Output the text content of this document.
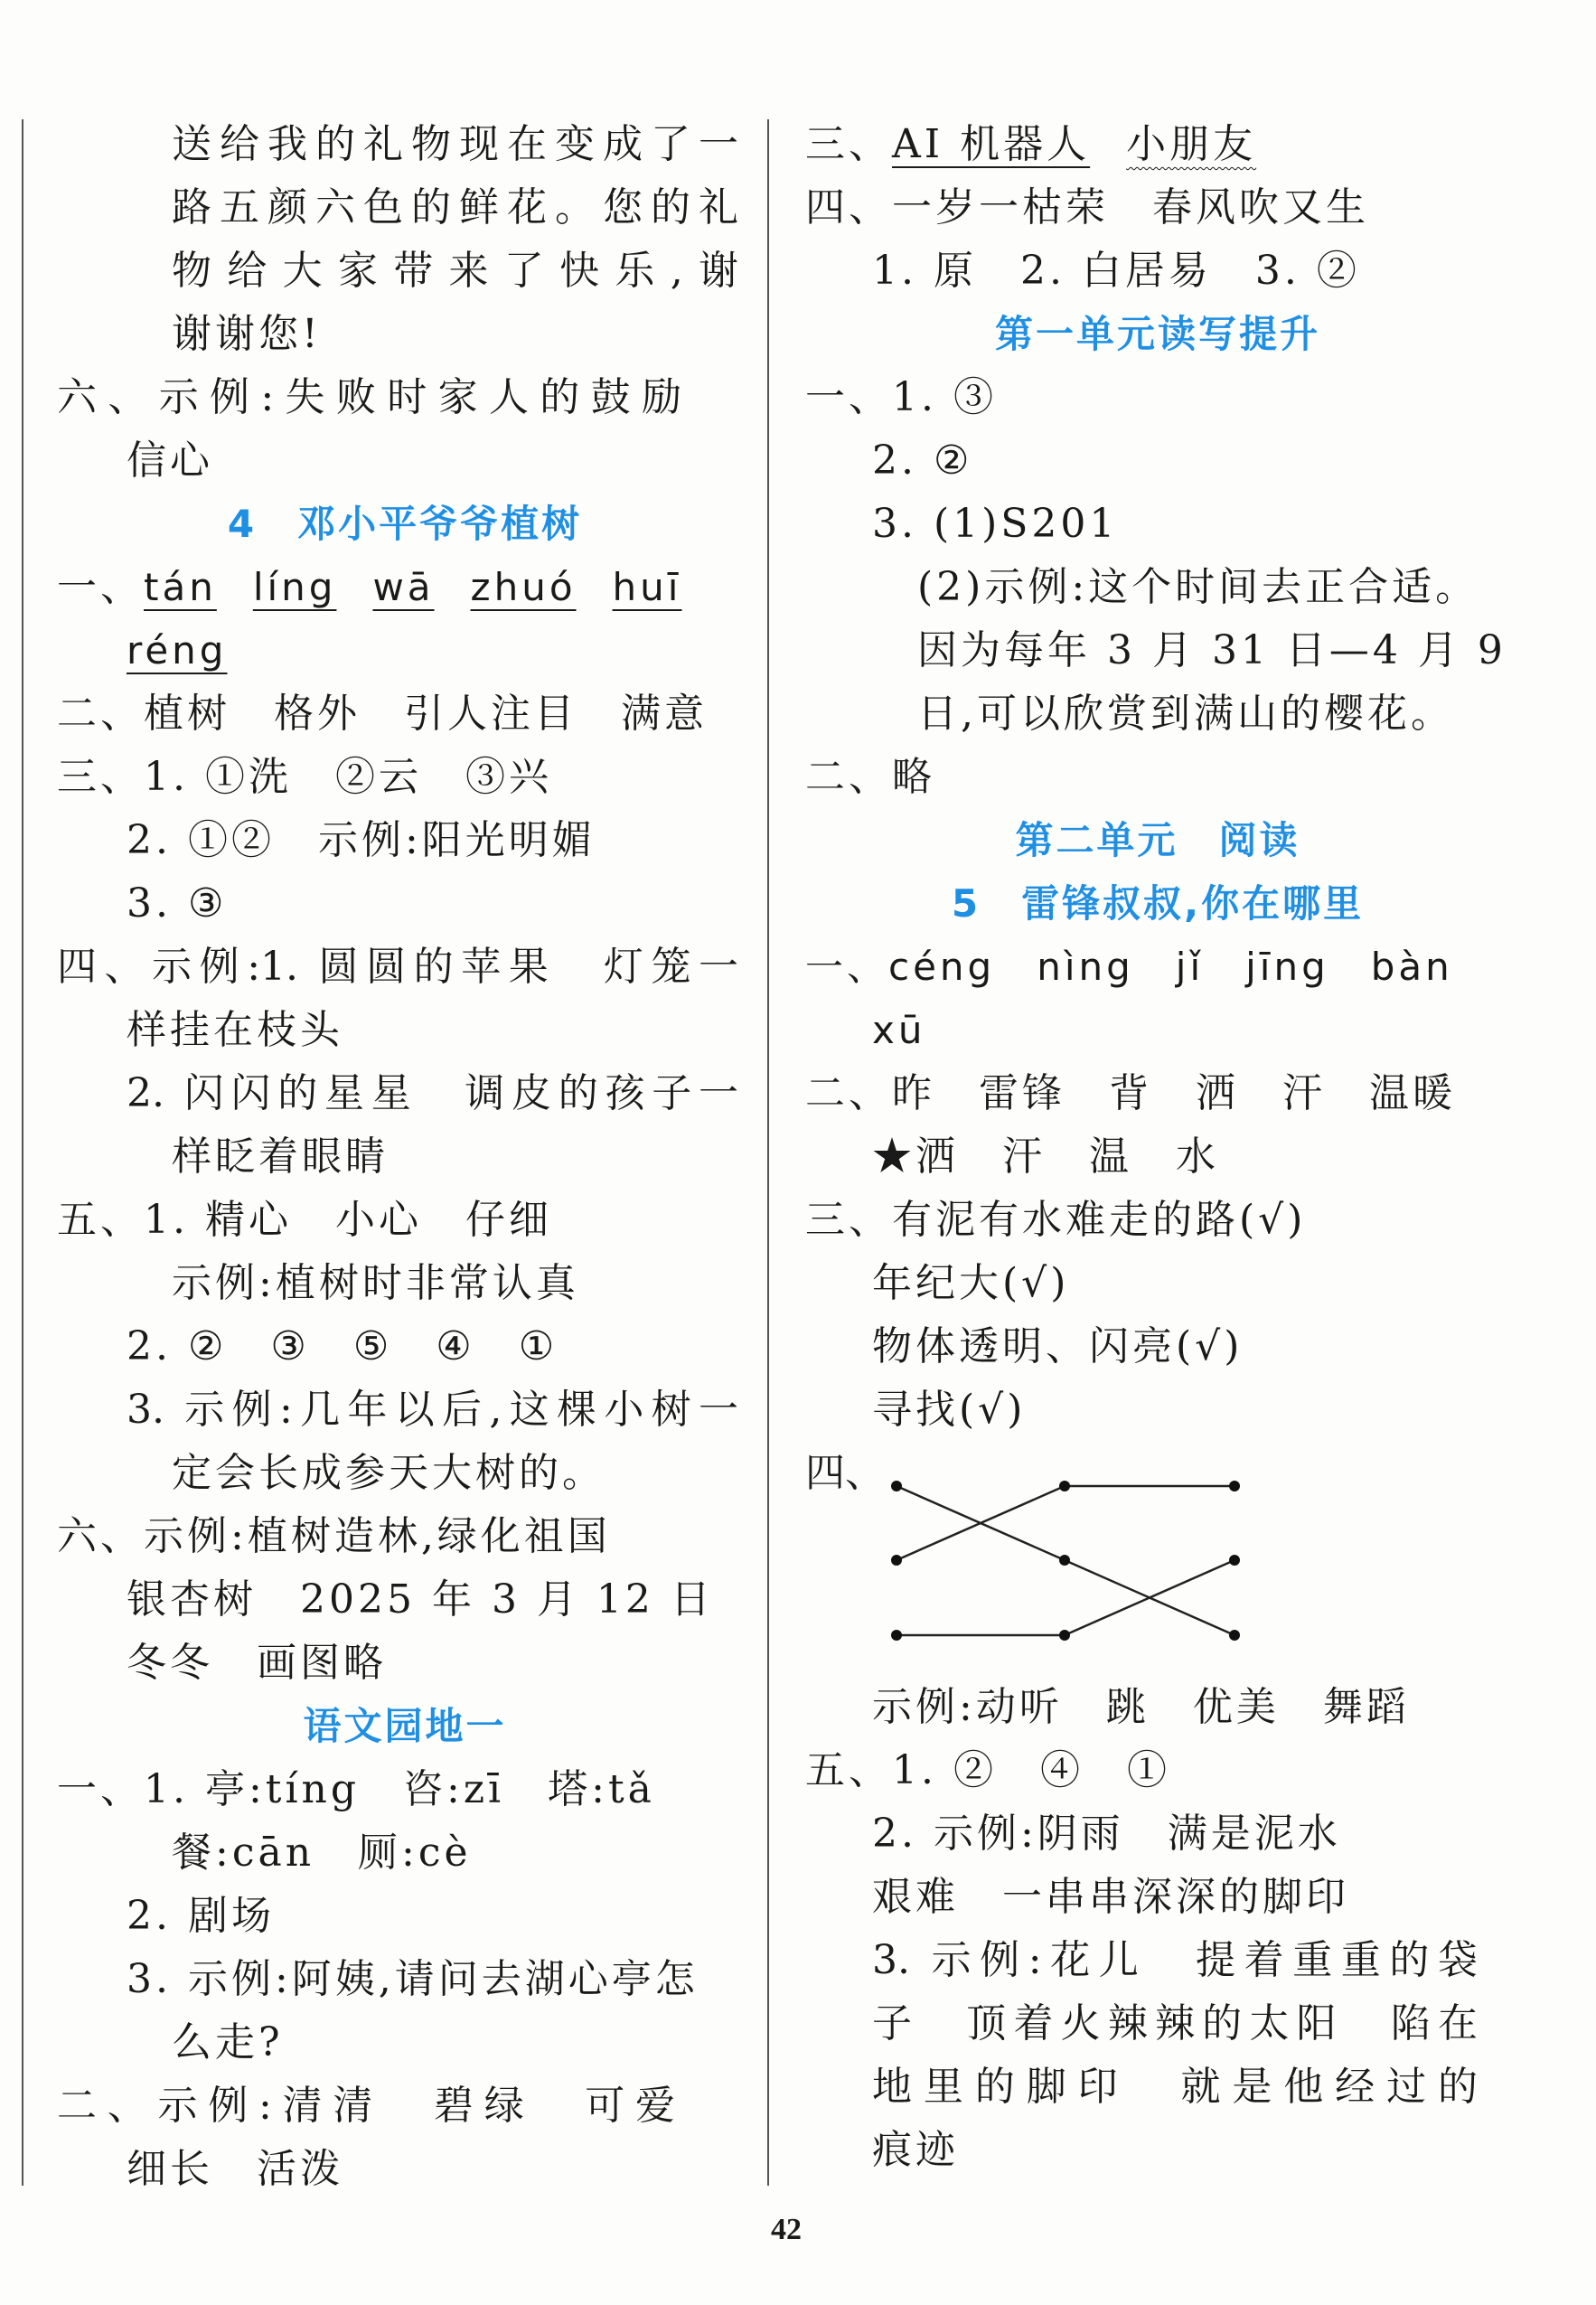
送给我的礼物现在变成了一
路五颜六色的鲜花。您的礼
物给大家带来了快乐,谢
谢谢您!
六、示例:失败时家人的鼓励
信心
4　邓小平爷爷植树
一、tán líng wā zhuó huī
réng
二、植树　格外　引人注目　满意
三、1. ①洗　②云　③兴
2. ①②　示例:阳光明媚
3. ③
四、示例:1. 圆圆的苹果　灯笼一
样挂在枝头
2. 闪闪的星星　调皮的孩子一
样眨着眼睛
五、1. 精心　小心　仔细
示例:植树时非常认真
2. ②　③　⑤　④　①
3. 示例:几年以后,这棵小树一
定会长成参天大树的。
六、示例:植树造林,绿化祖国
银杏树　2025 年 3 月 12 日
冬冬　画图略
语文园地一
一、1. 亭:tíng　咨:zī　塔:tǎ
餐:cān　厕:cè
2. 剧场
3. 示例:阿姨,请问去湖心亭怎
么走?
二、示例:清清　碧绿　可爱
细长　活泼
三、AI 机器人 小朋友
四、一岁一枯荣　春风吹又生
1. 原　2. 白居易　3. ②
第一单元读写提升
一、1. ③
2. ②
3. (1)S201
(2)示例:这个时间去正合适。
因为每年 3 月 31 日—4 月 9
日,可以欣赏到满山的樱花。
二、略
第二单元　阅读
5　雷锋叔叔,你在哪里
一、céng　nìng　jǐ　jīng　bàn
xū
二、昨　雷锋　背　洒　汗　温暖
★洒　汗　温　水
三、有泥有水难走的路(√)
年纪大(√)
物体透明、闪亮(√)
寻找(√)
四、
示例:动听　跳　优美　舞蹈
五、1. ②　④　①
2. 示例:阴雨　满是泥水
艰难　一串串深深的脚印
3. 示例:花儿　提着重重的袋
子　顶着火辣辣的太阳　陷在
地里的脚印　就是他经过的
痕迹
42
